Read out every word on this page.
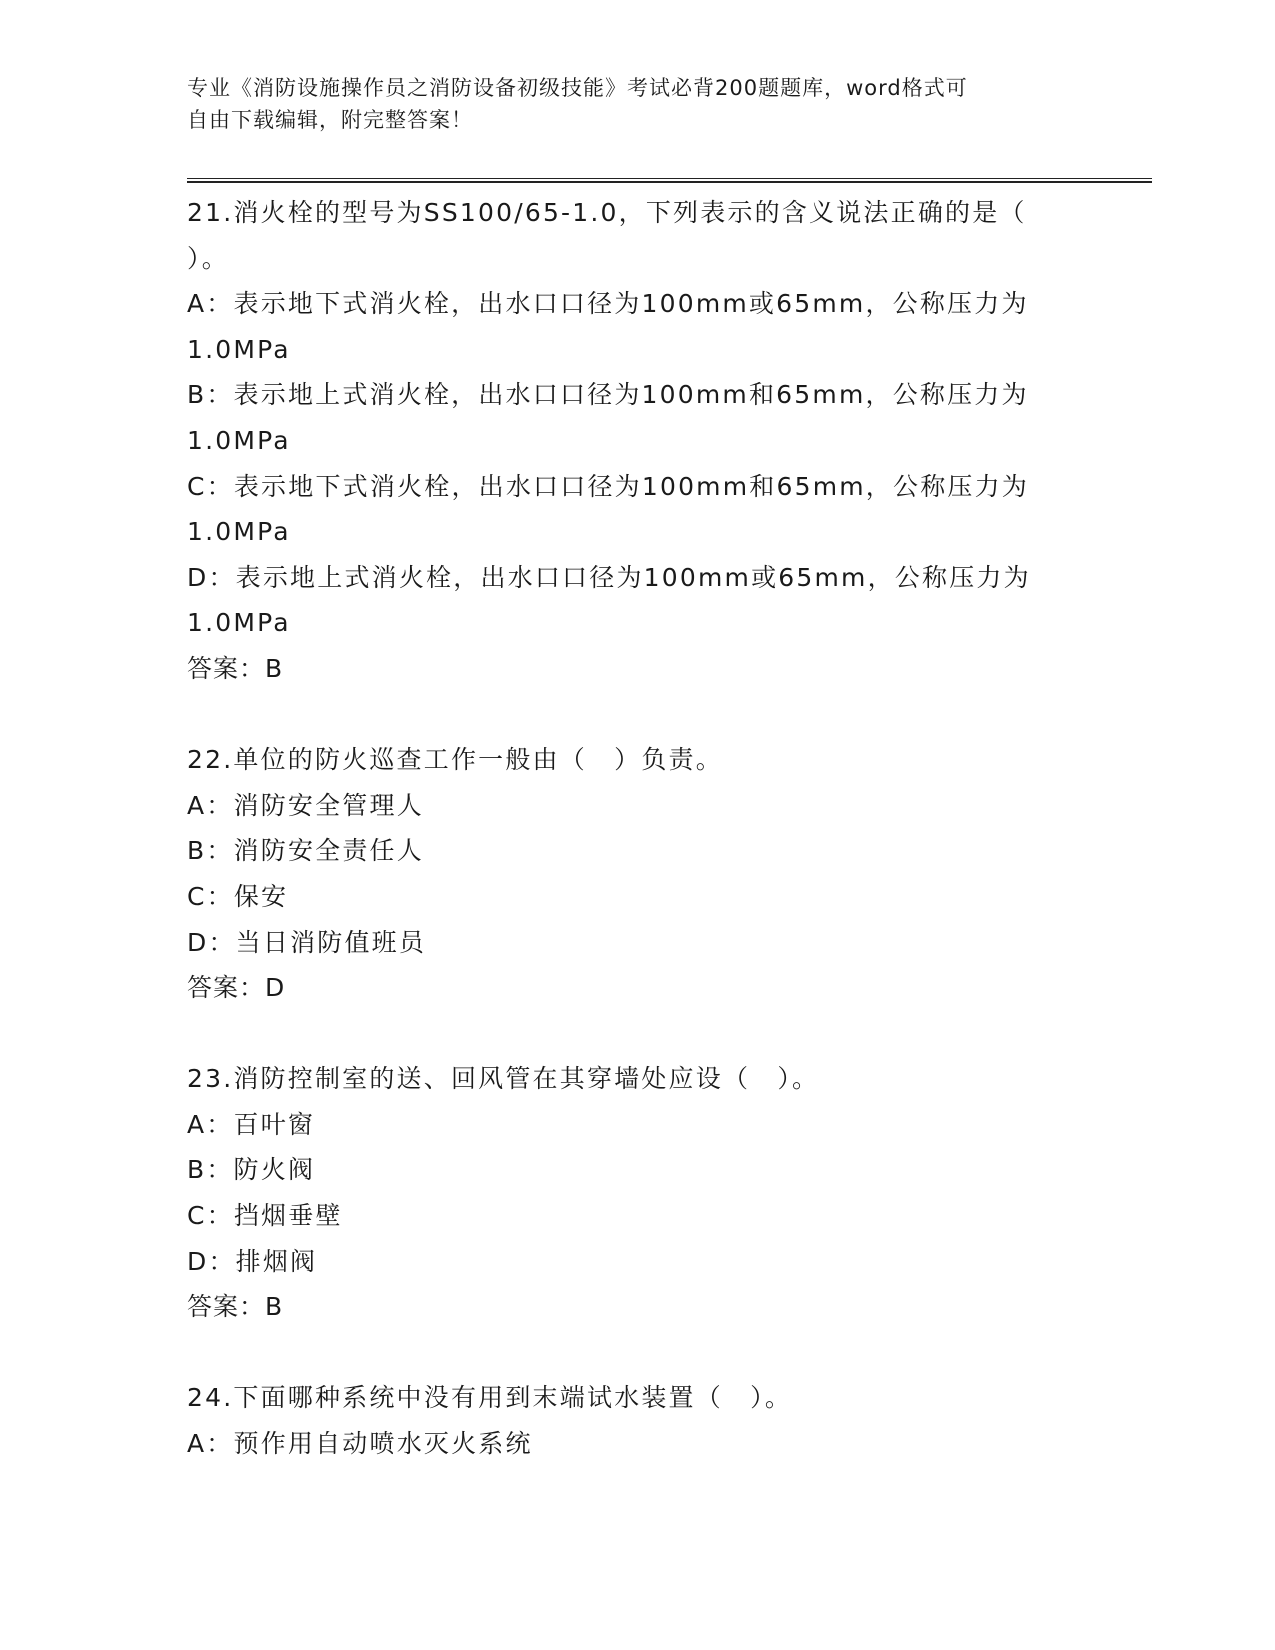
专业《消防设施操作员之消防设备初级技能》考试必背200题题库，word格式可
自由下载编辑，附完整答案！

21.消火栓的型号为SS100/65-1.0，下列表示的含义说法正确的是（

）。

A：表示地下式消火栓，出水口口径为100mm或65mm，公称压力为

1.0MPa

B：表示地上式消火栓，出水口口径为100mm和65mm，公称压力为

1.0MPa

C：表示地下式消火栓，出水口口径为100mm和65mm，公称压力为

1.0MPa

D：表示地上式消火栓，出水口口径为100mm或65mm，公称压力为

1.0MPa

答案：B

22.单位的防火巡查工作一般由（　）负责。

A：消防安全管理人

B：消防安全责任人

C：保安

D：当日消防值班员

答案：D

23.消防控制室的送、回风管在其穿墙处应设（　）。

A：百叶窗

B：防火阀

C：挡烟垂壁

D：排烟阀

答案：B

24.下面哪种系统中没有用到末端试水装置（　）。

A：预作用自动喷水灭火系统
